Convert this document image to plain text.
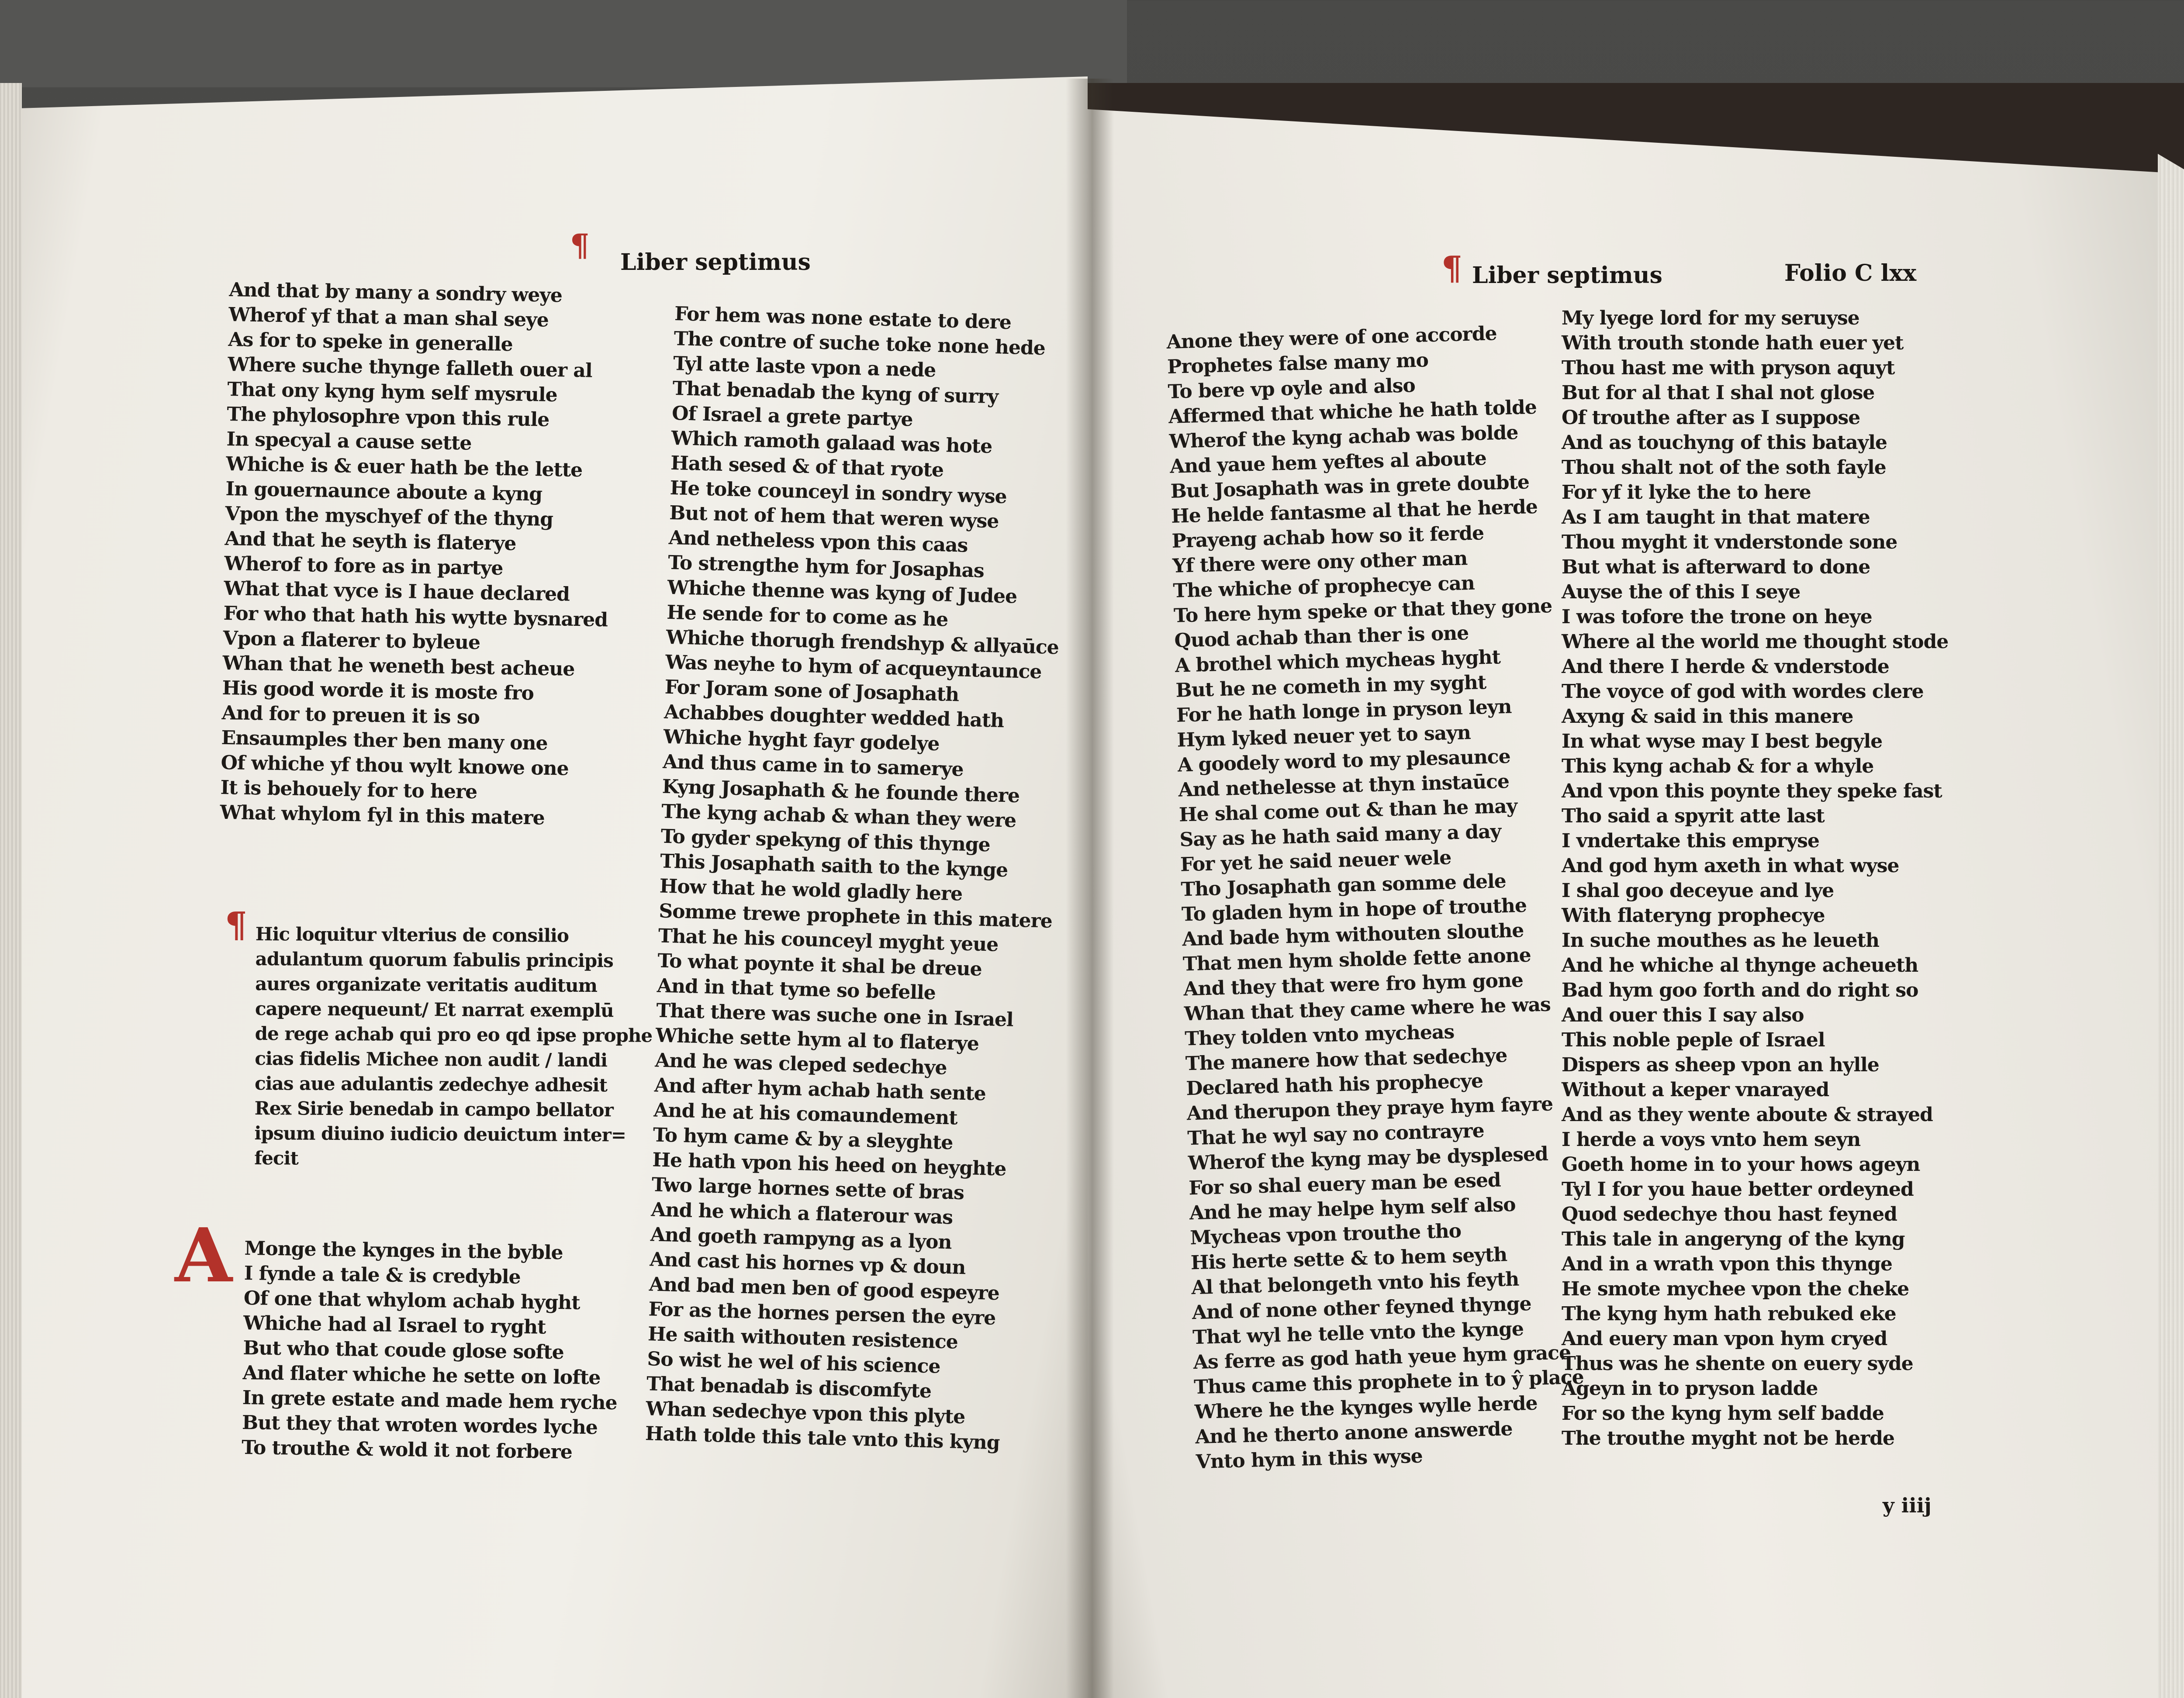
¶ Liber septimus
And that by many a sondry weye
Wherof yf that a man shal seye
As for to speke in generalle
Where suche thynge falleth ouer al
That ony kyng hym self mysrule
The phylosophre vpon this rule
In specyal a cause sette
Whiche is & euer hath be the lette
In gouernaunce aboute a kyng
Vpon the myschyef of the thyng
And that he seyth is flaterye
Wherof to fore as in partye
What that vyce is I haue declared
For who that hath his wytte bysnared
Vpon a flaterer to byleue
Whan that he weneth best acheue
His good worde it is moste fro
And for to preuen it is so
Ensaumples ther ben many one
Of whiche yf thou wylt knowe one
It is behouely for to here
What whylom fyl in this matere
¶ Hic loquitur vlterius de consilio
adulantum quorum fabulis principis
aures organizate veritatis auditum
capere nequeunt/ Et narrat exemplū
de rege achab qui pro eo qd ipse prophe
cias fidelis Michee non audit / landi
cias aue adulantis zedechye adhesit
Rex Sirie benedab in campo bellator
ipsum diuino iudicio deuictum inter=
fecit
A Monge the kynges in the byble
I fynde a tale & is credyble
Of one that whylom achab hyght
Whiche had al Israel to ryght
But who that coude glose softe
And flater whiche he sette on lofte
In grete estate and made hem ryche
But they that wroten wordes lyche
To trouthe & wold it not forbere
For hem was none estate to dere
The contre of suche toke none hede
Tyl atte laste vpon a nede
That benadab the kyng of surry
Of Israel a grete partye
Which ramoth galaad was hote
Hath sesed & of that ryote
He toke counceyl in sondry wyse
But not of hem that weren wyse
And netheless vpon this caas
To strengthe hym for Josaphas
Whiche thenne was kyng of Judee
He sende for to come as he
Whiche thorugh frendshyp & allyaūce
Was neyhe to hym of acqueyntaunce
For Joram sone of Josaphath
Achabbes doughter wedded hath
Whiche hyght fayr godelye
And thus came in to samerye
Kyng Josaphath & he founde there
The kyng achab & whan they were
To gyder spekyng of this thynge
This Josaphath saith to the kynge
How that he wold gladly here
Somme trewe prophete in this matere
That he his counceyl myght yeue
To what poynte it shal be dreue
And in that tyme so befelle
That there was suche one in Israel
Whiche sette hym al to flaterye
And he was cleped sedechye
And after hym achab hath sente
And he at his comaundement
To hym came & by a sleyghte
He hath vpon his heed on heyghte
Two large hornes sette of bras
And he which a flaterour was
And goeth rampyng as a lyon
And cast his hornes vp & doun
And bad men ben of good espeyre
For as the hornes persen the eyre
He saith withouten resistence
So wist he wel of his science
That benadab is discomfyte
Whan sedechye vpon this plyte
Hath tolde this tale vnto this kyng
¶ Liber septimus	Folio C lxx
Anone they were of one accorde
Prophetes false many mo
To bere vp oyle and also
Affermed that whiche he hath tolde
Wherof the kyng achab was bolde
And yaue hem yeftes al aboute
But Josaphath was in grete doubte
He helde fantasme al that he herde
Prayeng achab how so it ferde
Yf there were ony other man
The whiche of prophecye can
To here hym speke or that they gone
Quod achab than ther is one
A brothel which mycheas hyght
But he ne cometh in my syght
For he hath longe in pryson leyn
Hym lyked neuer yet to sayn
A goodely word to my plesaunce
And nethelesse at thyn instaūce
He shal come out & than he may
Say as he hath said many a day
For yet he said neuer wele
Tho Josaphath gan somme dele
To gladen hym in hope of trouthe
And bade hym withouten slouthe
That men hym sholde fette anone
And they that were fro hym gone
Whan that they came where he was
They tolden vnto mycheas
The manere how that sedechye
Declared hath his prophecye
And therupon they praye hym fayre
That he wyl say no contrayre
Wherof the kyng may be dysplesed
For so shal euery man be esed
And he may helpe hym self also
Mycheas vpon trouthe tho
His herte sette & to hem seyth
Al that belongeth vnto his feyth
And of none other feyned thynge
That wyl he telle vnto the kynge
As ferre as god hath yeue hym grace
Thus came this prophete in to ŷ place
Where he the kynges wylle herde
And he therto anone answerde
Vnto hym in this wyse
My lyege lord for my seruyse
With trouth stonde hath euer yet
Thou hast me with pryson aquyt
But for al that I shal not glose
Of trouthe after as I suppose
And as touchyng of this batayle
Thou shalt not of the soth fayle
For yf it lyke the to here
As I am taught in that matere
Thou myght it vnderstonde sone
But what is afterward to done
Auyse the of this I seye
I was tofore the trone on heye
Where al the world me thought stode
And there I herde & vnderstode
The voyce of god with wordes clere
Axyng & said in this manere
In what wyse may I best begyle
This kyng achab & for a whyle
And vpon this poynte they speke fast
Tho said a spyrit atte last
I vndertake this empryse
And god hym axeth in what wyse
I shal goo deceyue and lye
With flateryng prophecye
In suche mouthes as he leueth
And he whiche al thynge acheueth
Bad hym goo forth and do right so
And ouer this I say also
This noble peple of Israel
Dispers as sheep vpon an hylle
Without a keper vnarayed
And as they wente aboute & strayed
I herde a voys vnto hem seyn
Goeth home in to your hows ageyn
Tyl I for you haue better ordeyned
Quod sedechye thou hast feyned
This tale in angeryng of the kyng
And in a wrath vpon this thynge
He smote mychee vpon the cheke
The kyng hym hath rebuked eke
And euery man vpon hym cryed
Thus was he shente on euery syde
Ageyn in to pryson ladde
For so the kyng hym self badde
The trouthe myght not be herde
y iiij
